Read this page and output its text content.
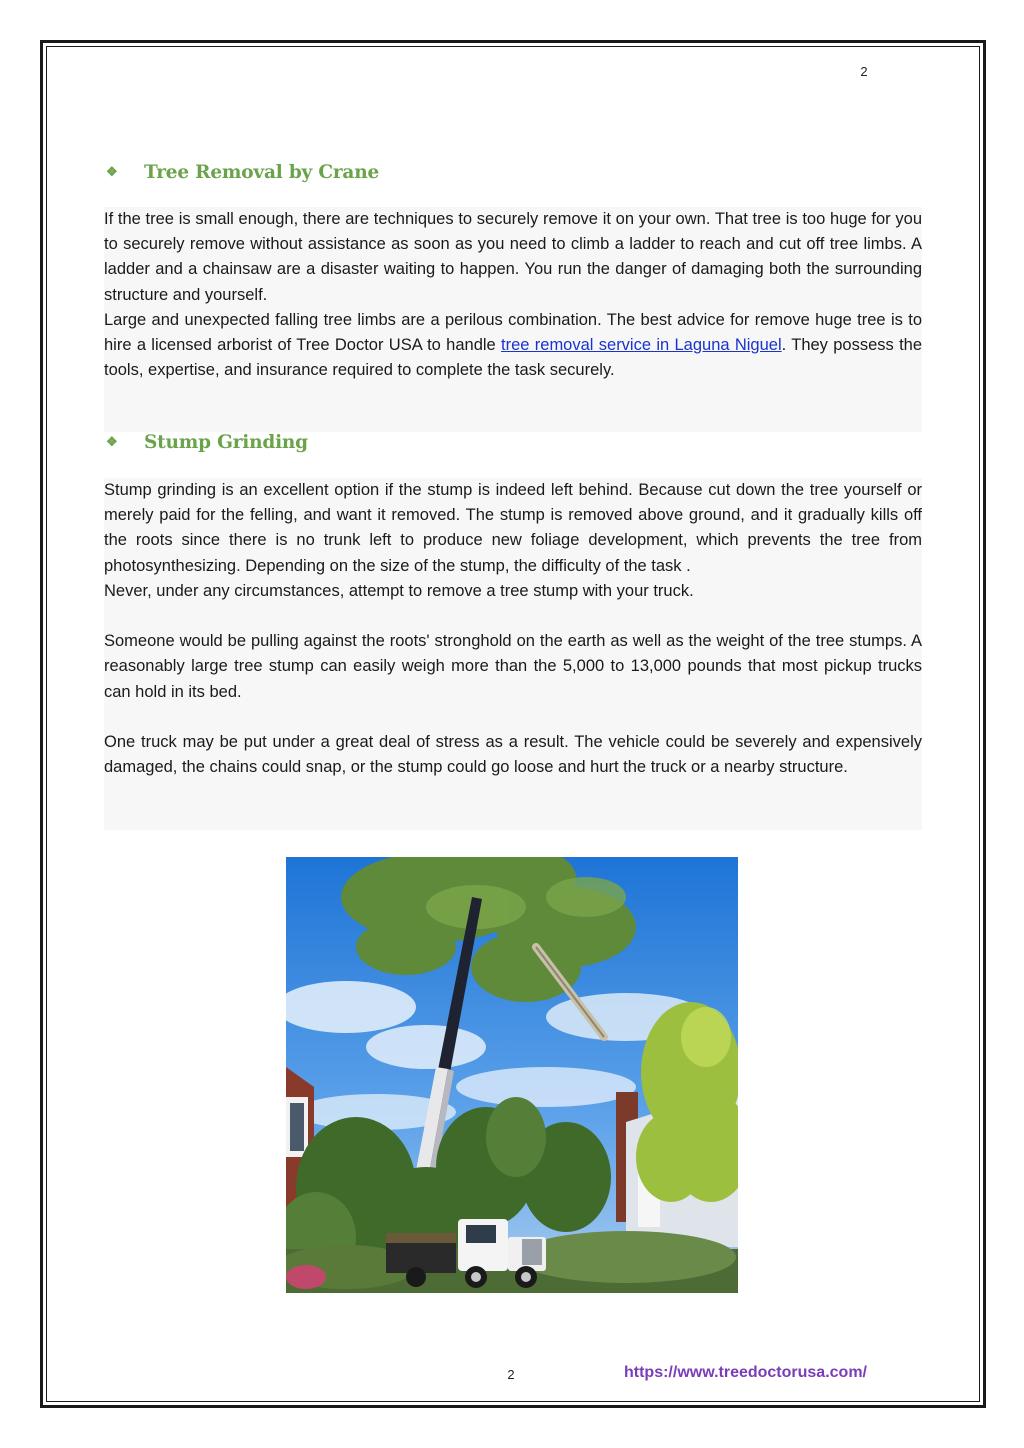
2
❖	Tree Removal by Crane

If the tree is small enough, there are techniques to securely remove it on your own. That tree is too huge for you to securely remove without assistance as soon as you need to climb a ladder to reach and cut off tree limbs. A ladder and a chainsaw are a disaster waiting to happen. You run the danger of damaging both the surrounding structure and yourself.

Large and unexpected falling tree limbs are a perilous combination. The best advice for remove huge tree is to hire a licensed arborist of Tree Doctor USA to handle tree removal service in Laguna Niguel. They possess the tools, expertise, and insurance required to complete the task securely.

❖	Stump Grinding

Stump grinding is an excellent option if the stump is indeed left behind. Because cut down the tree yourself or merely paid for the felling, and want it removed. The stump is removed above ground, and it gradually kills off the roots since there is no trunk left to produce new foliage development, which prevents the tree from photosynthesizing. Depending on the size of the stump, the difficulty of the task .

Never, under any circumstances, attempt to remove a tree stump with your truck.

Someone would be pulling against the roots' stronghold on the earth as well as the weight of the tree stumps. A reasonably large tree stump can easily weigh more than the 5,000 to 13,000 pounds that most pickup trucks can hold in its bed.

One truck may be put under a great deal of stress as a result. The vehicle could be severely and expensively damaged, the chains could snap, or the stump could go loose and hurt the truck or a nearby structure.

2	https://www.treedoctorusa.com/
